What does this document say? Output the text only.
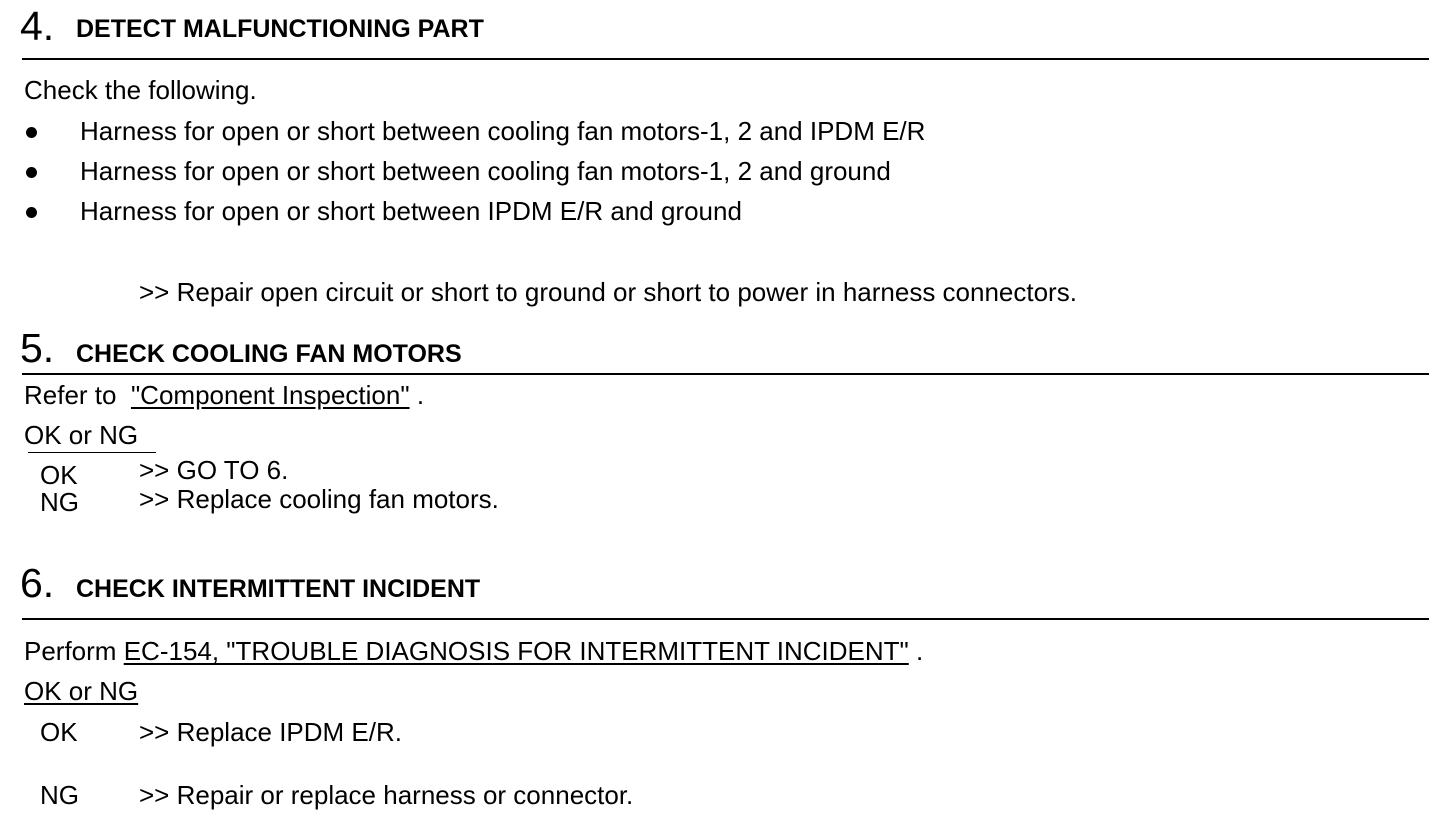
4. DETECT MALFUNCTIONING PART
Check the following.
Harness for open or short between cooling fan motors-1, 2 and IPDM E/R
Harness for open or short between cooling fan motors-1, 2 and ground
Harness for open or short between IPDM E/R and ground
>> Repair open circuit or short to ground or short to power in harness connectors.
5. CHECK COOLING FAN MOTORS
Refer to "Component Inspection" .
OK or NG
OK >> GO TO 6.
NG >> Replace cooling fan motors.
6. CHECK INTERMITTENT INCIDENT
Perform EC-154, "TROUBLE DIAGNOSIS FOR INTERMITTENT INCIDENT" .
OK or NG
OK >> Replace IPDM E/R.
NG >> Repair or replace harness or connector.
